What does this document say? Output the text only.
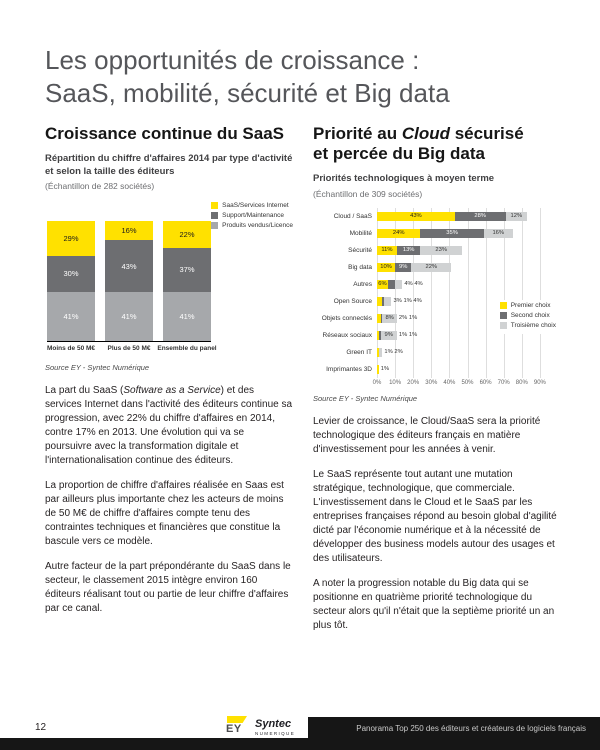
Les opportunités de croissance :
SaaS, mobilité, sécurité et Big data
Croissance continue du SaaS
Répartition du chiffre d'affaires 2014 par type d'activité et selon la taille des éditeurs
(Échantillon de 282 sociétés)
SaaS/Services Internet
Support/Maintenance
Produits vendus/Licence
29%
30%
41%
Moins de 50 M€
16%
43%
41%
Plus de 50 M€
22%
37%
41%
Ensemble du panel
Source EY - Syntec Numérique

La part du SaaS (Software as a Service) et des services Internet dans l'activité des éditeurs continue sa progression, avec 22% du chiffre d'affaires en 2014, contre 17% en 2013. Une évolution qui va se poursuivre avec la transformation digitale et l'internationalisation continue des éditeurs.

La proportion de chiffre d'affaires réalisée en Saas est par ailleurs plus importante chez les acteurs de moins de 50 M€ de chiffre d'affaires compte tenu des contraintes techniques et financières que constitue la bascule vers ce modèle.

Autre facteur de la part prépondérante du SaaS dans le secteur, le classement 2015 intègre environ 160 éditeurs réalisant tout ou partie de leur chiffre d'affaires par ce canal.

Priorité au Cloud sécurisé
et percée du Big data
Priorités technologiques à moyen terme
(Échantillon de 309 sociétés)
Cloud / SaaS	43%	28%	12%
Mobilité	24%	35%	16%
Sécurité	11% 13%	23%
Big data	10% 9%	22%
Autres	6%	4% 4%
Open Source	3% 1% 4%
Objets connectés	8% 2% 1%
Réseaux sociaux	9% 1% 1%
Green IT	1% 2%
Imprimantes 3D	1%
0% 10% 20% 30% 40% 50% 60% 70% 80% 90%
Premier choix
Second choix
Troisième choix
Source EY - Syntec Numérique

Levier de croissance, le Cloud/SaaS sera la priorité technologique des éditeurs français en matière d'investissement pour les années à venir.

Le SaaS représente tout autant une mutation stratégique, technologique, que commerciale. L'investissement dans le Cloud et le SaaS par les entreprises françaises répond au besoin global d'agilité dicté par l'économie numérique et à la nécessité de développer des business models autour des usages et des utilisateurs.

A noter la progression notable du Big data qui se positionne en quatrième priorité technologique du secteur alors qu'il n'était que la septième priorité un an plus tôt.

12	EY	Syntec
NUMERIQUE
Panorama Top 250 des éditeurs et créateurs de logiciels français
